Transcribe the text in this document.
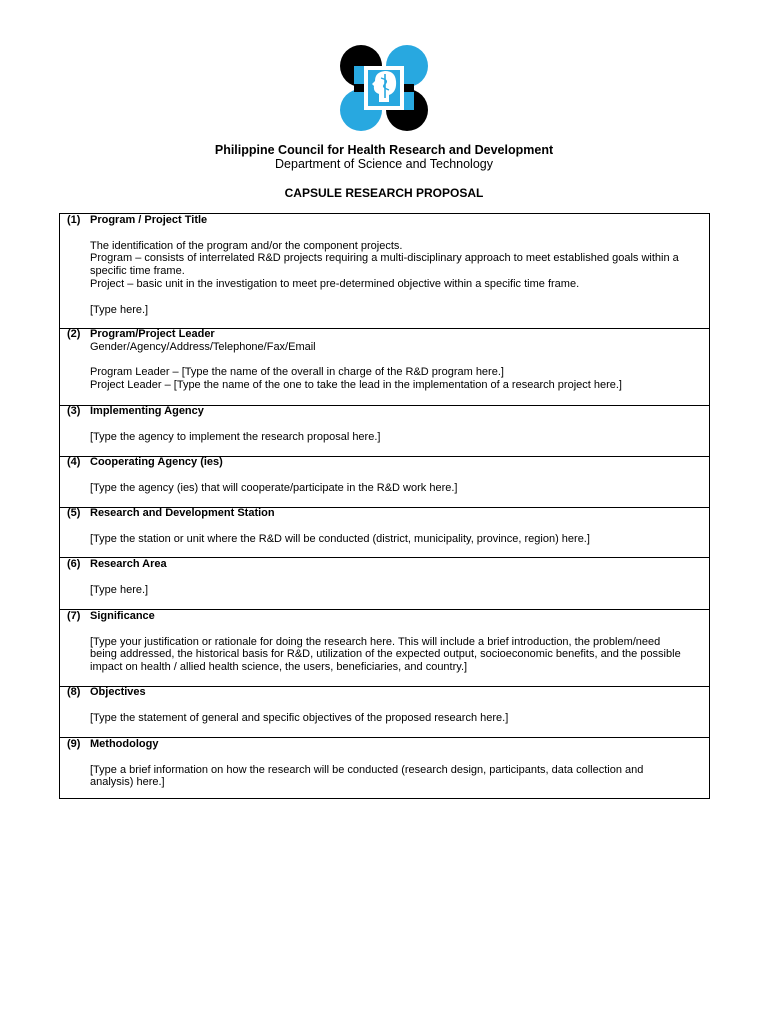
Philippine Council for Health Research and Development
Department of Science and Technology
CAPSULE RESEARCH PROPOSAL
(1) Program / Project Title

The identification of the program and/or the component projects.

Program – consists of interrelated R&D projects requiring a multi-disciplinary approach to meet established goals within a specific time frame.

Project – basic unit in the investigation to meet pre-determined objective within a specific time frame.

[Type here.]

(2) Program/Project Leader

Gender/Agency/Address/Telephone/Fax/Email

Program Leader – [Type the name of the overall in charge of the R&D program here.]

Project Leader – [Type the name of the one to take the lead in the implementation of a research project here.]

(3) Implementing Agency

[Type the agency to implement the research proposal here.]

(4) Cooperating Agency (ies)

[Type the agency (ies) that will cooperate/participate in the R&D work here.]

(5) Research and Development Station

[Type the station or unit where the R&D will be conducted (district, municipality, province, region) here.]

(6) Research Area

[Type here.]

(7) Significance

[Type your justification or rationale for doing the research here. This will include a brief introduction, the problem/need being addressed, the historical basis for R&D, utilization of the expected output, socioeconomic benefits, and the possible impact on health / allied health science, the users, beneficiaries, and country.]

(8) Objectives

[Type the statement of general and specific objectives of the proposed research here.]

(9) Methodology

[Type a brief information on how the research will be conducted (research design, participants, data collection and analysis) here.]
